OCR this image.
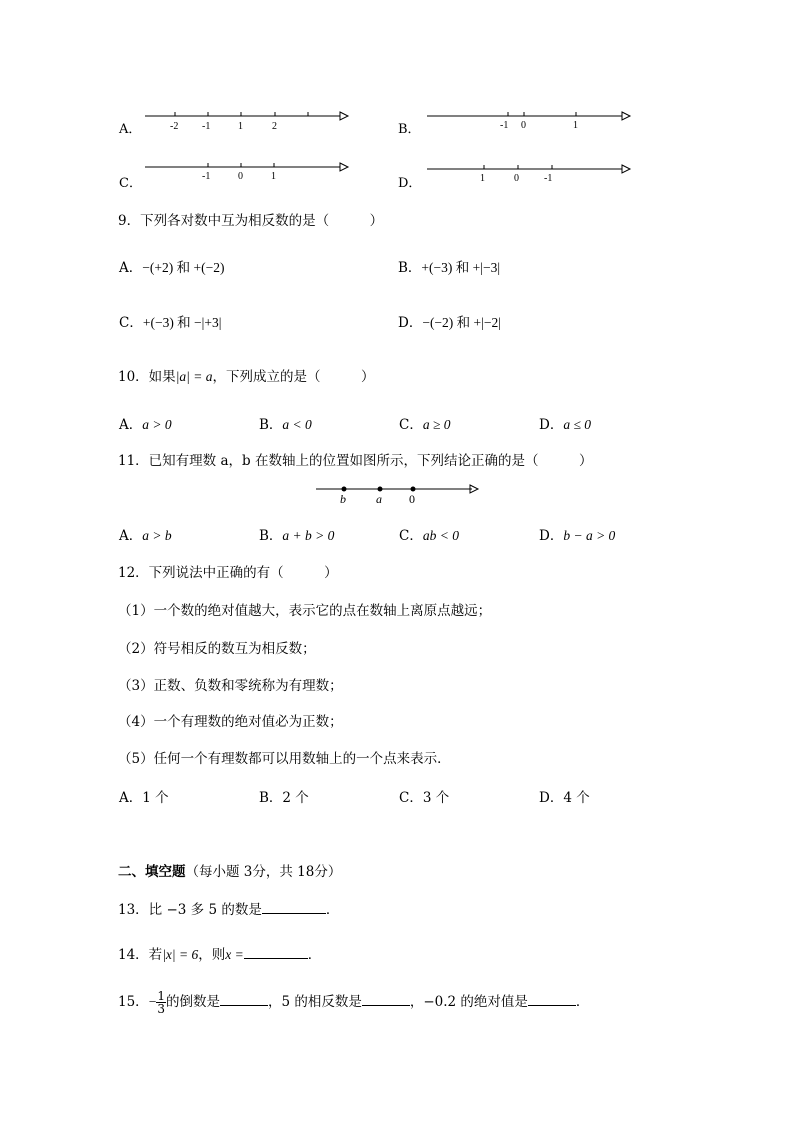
A．	-2 -1	1	2	B．	-1 0	1
C．	-1	0	1	D．	1	0	-1
9．下列各对数中互为相反数的是（　　　）
A．−(+2) 和 +(−2)	B．+(−3) 和 +|−3|
C．+(−3) 和 −|+3|	D．−(−2) 和 +|−2|
10．如果|a| = a，下列成立的是（　　　）
A．a > 0	B．a < 0	C．a ≥ 0	D．a ≤ 0
11．已知有理数 a，b 在数轴上的位置如图所示，下列结论正确的是（　　　）
b	a 0
A．a > b	B．a + b > 0	C．ab < 0	D．b − a > 0
12．下列说法中正确的有（　　　）
（1）一个数的绝对值越大，表示它的点在数轴上离原点越远；
（2）符号相反的数互为相反数；
（3）正数、负数和零统称为有理数；
（4）一个有理数的绝对值必为正数；
（5）任何一个有理数都可以用数轴上的一个点来表示．
A．1 个	B．2 个	C．3 个	D．4 个
二、填空题（每小题 3分，共 18分）
13．比 −3 多 5 的数是	．
14．若|x| = 6，则x =	．
15．− $\frac{1}{3}$ 的倒数是	，5 的相反数是	，−0.2 的绝对值是	．
